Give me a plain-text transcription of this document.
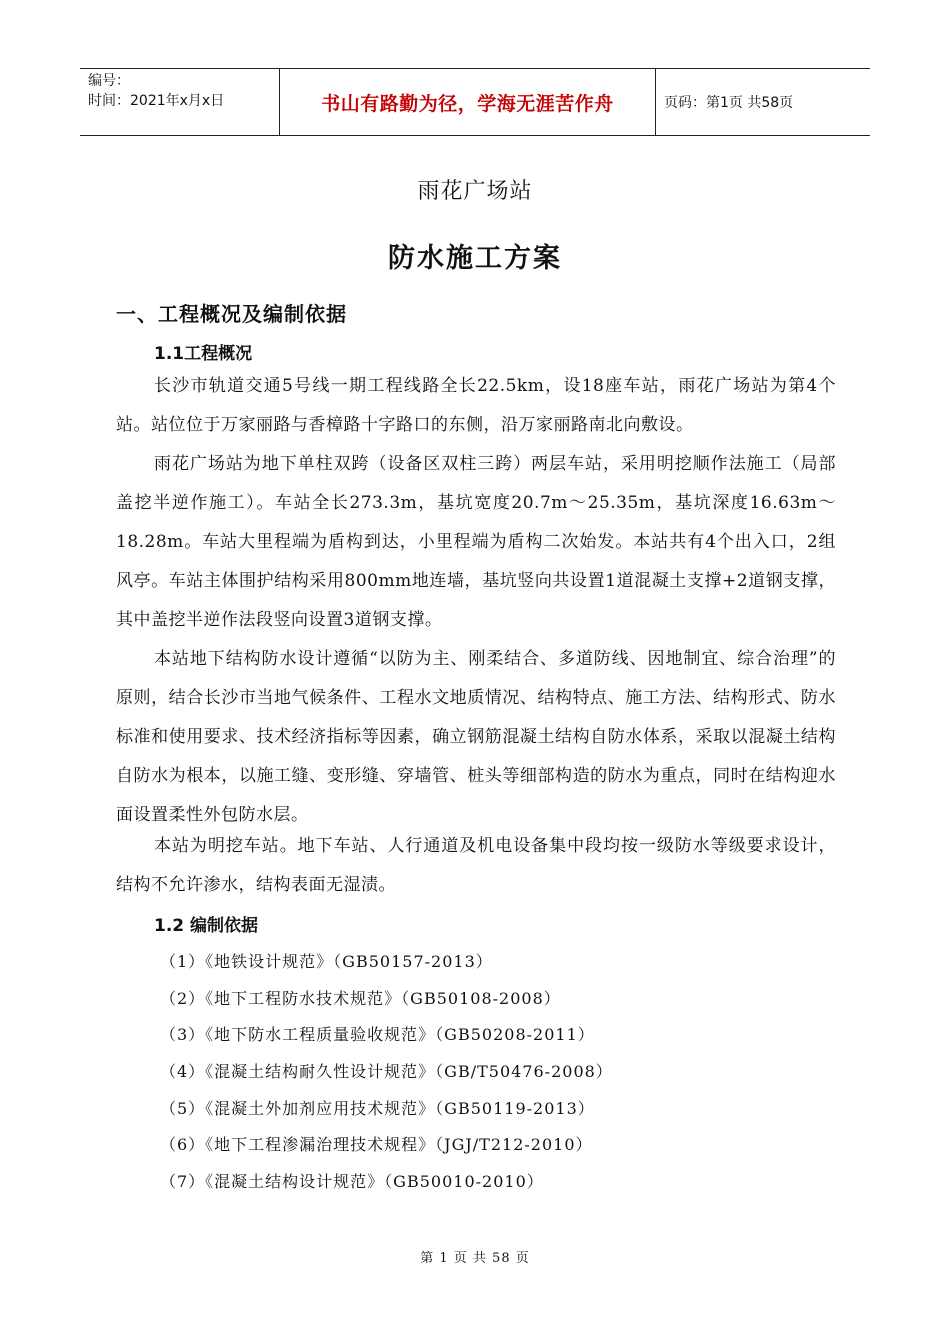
编号：
时间：2021年x月x日	书山有路勤为径，学海无涯苦作舟	页码：第1页 共58页
雨花广场站
防水施工方案
一、工程概况及编制依据
1.1工程概况
长沙市轨道交通5号线一期工程线路全长22.5km，设18座车站，雨花广场站为第4个站。站位位于万家丽路与香樟路十字路口的东侧，沿万家丽路南北向敷设。
雨花广场站为地下单柱双跨（设备区双柱三跨）两层车站，采用明挖顺作法施工（局部盖挖半逆作施工）。车站全长273.3m，基坑宽度20.7m～25.35m，基坑深度16.63m～18.28m。车站大里程端为盾构到达，小里程端为盾构二次始发。本站共有4个出入口，2组风亭。车站主体围护结构采用800mm地连墙，基坑竖向共设置1道混凝土支撑+2道钢支撑，其中盖挖半逆作法段竖向设置3道钢支撑。
本站地下结构防水设计遵循“以防为主、刚柔结合、多道防线、因地制宜、综合治理”的原则，结合长沙市当地气候条件、工程水文地质情况、结构特点、施工方法、结构形式、防水标准和使用要求、技术经济指标等因素，确立钢筋混凝土结构自防水体系，采取以混凝土结构自防水为根本，以施工缝、变形缝、穿墙管、桩头等细部构造的防水为重点，同时在结构迎水面设置柔性外包防水层。
本站为明挖车站。地下车站、人行通道及机电设备集中段均按一级防水等级要求设计，结构不允许渗水，结构表面无湿渍。
1.2 编制依据
（1）《地铁设计规范》（GB50157-2013）
（2）《地下工程防水技术规范》（GB50108-2008）
（3）《地下防水工程质量验收规范》（GB50208-2011）
（4）《混凝土结构耐久性设计规范》（GB/T50476-2008）
（5）《混凝土外加剂应用技术规范》（GB50119-2013）
（6）《地下工程渗漏治理技术规程》（JGJ/T212-2010）
（7）《混凝土结构设计规范》（GB50010-2010）
第 1 页 共 58 页
